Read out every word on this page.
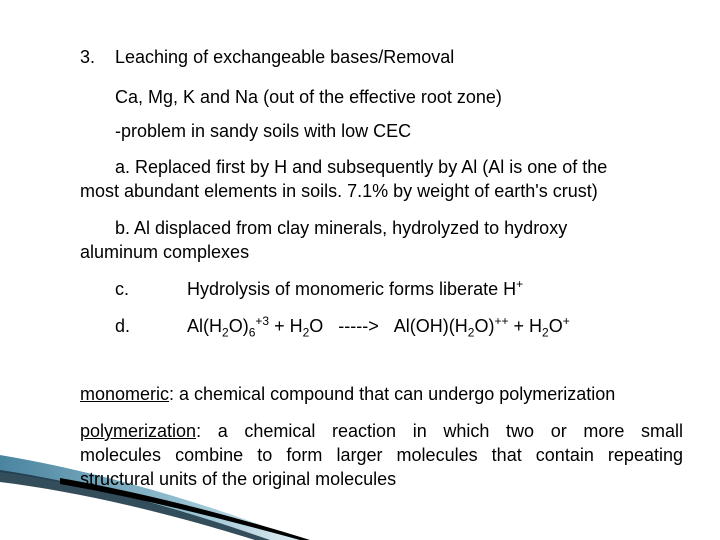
3. Leaching of exchangeable bases/Removal
Ca, Mg, K and Na (out of the effective root zone)
-problem in sandy soils with low CEC
a. Replaced first by H and subsequently by Al (Al is one of the
most abundant elements in soils. 7.1% by weight of earth's crust)
b. Al displaced from clay minerals, hydrolyzed to hydroxy
aluminum complexes
c.	Hydrolysis of monomeric forms liberate H+
d.	$Al(H_2O)_6^{+3} + H_2O$ -----> $Al(OH)(H_2O)^{++} + H_2O^+$
monomeric: a chemical compound that can undergo polymerization
polymerization: a chemical reaction in which two or more small
molecules combine to form larger molecules that contain repeating
structural units of the original molecules
